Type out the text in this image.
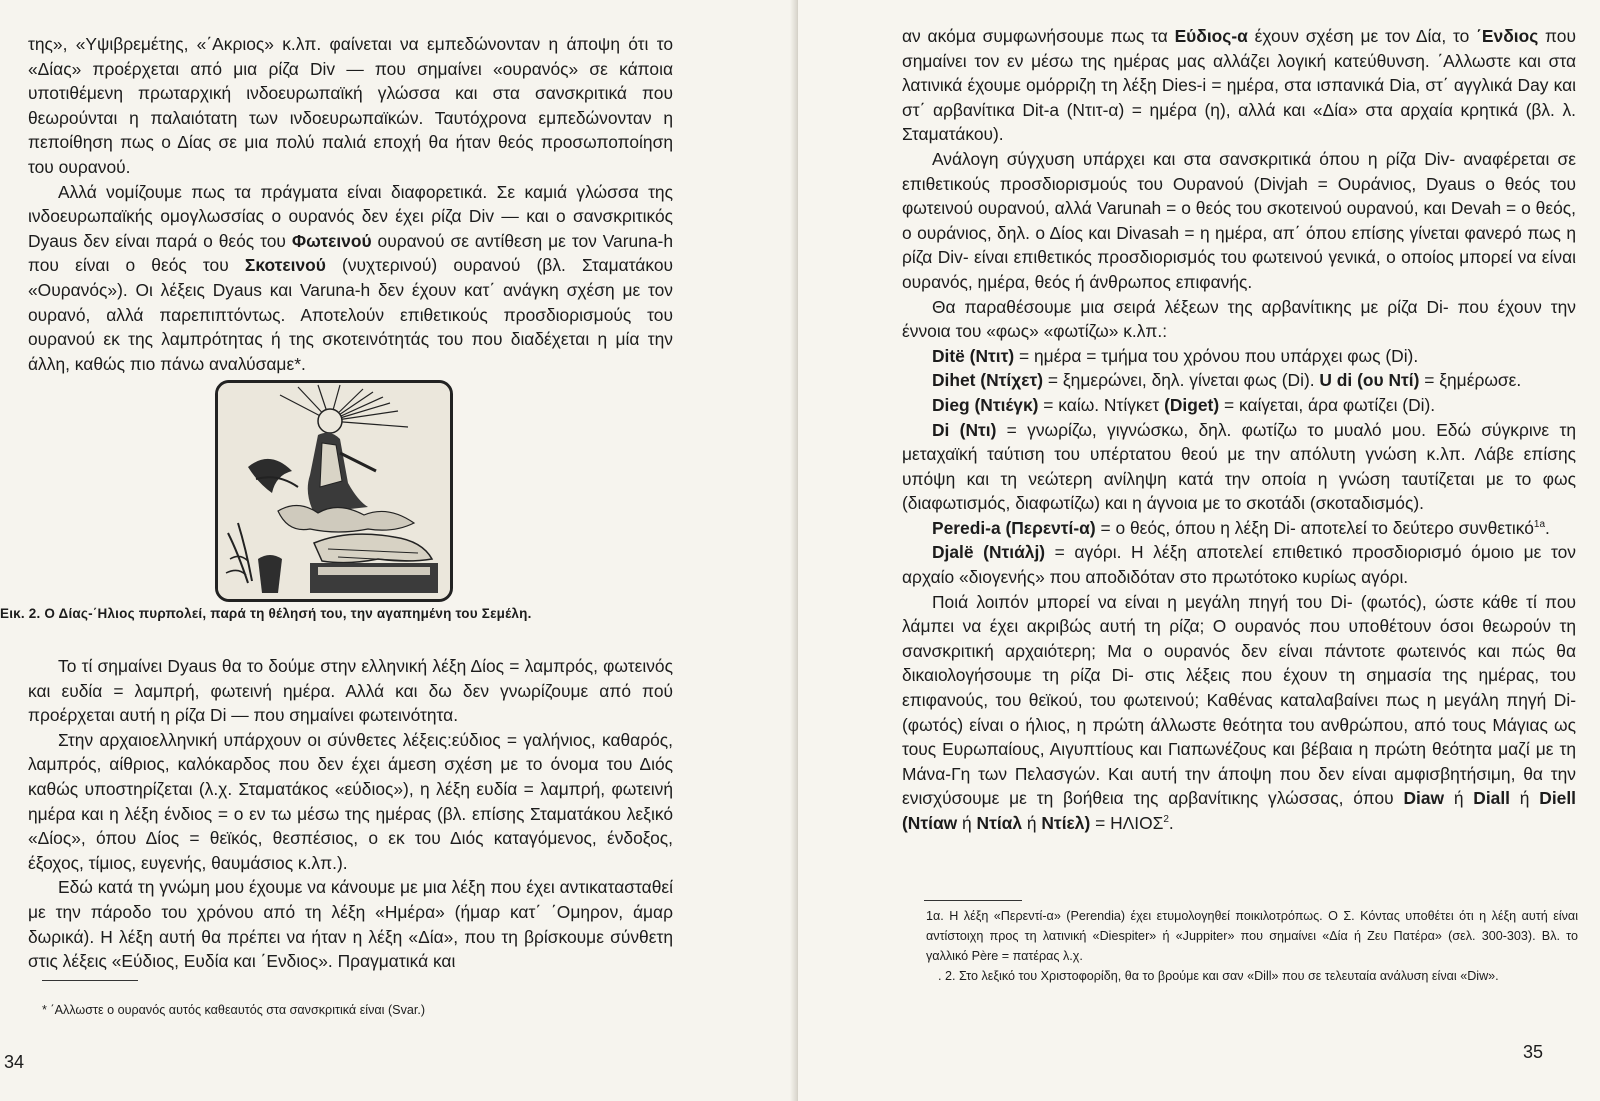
της», «Υψιβρεμέτης, «΄Ακριος» κ.λπ. φαίνεται να εμπεδώνονταν η άποψη ότι το «Δίας» προέρχεται από μια ρίζα Div — που σημαίνει «ουρανός» σε κάποια υποτιθέμενη πρωταρχική ινδοευρωπαϊκή γλώσσα και στα σανσκριτικά που θεωρούνται η παλαιότατη των ινδοευρωπαϊκών. Ταυτόχρονα εμπεδώνονταν η πεποίθηση πως ο Δίας σε μια πολύ παλιά εποχή θα ήταν θεός προσωποποίηση του ουρανού.

Αλλά νομίζουμε πως τα πράγματα είναι διαφορετικά. Σε καμιά γλώσσα της ινδοευρωπαϊκής ομογλωσσίας ο ουρανός δεν έχει ρίζα Div — και ο σανσκριτικός Dyaus δεν είναι παρά ο θεός του Φωτεινού ουρανού σε αντίθεση με τον Varuna-h που είναι ο θεός του Σκοτεινού (νυχτερινού) ουρανού (βλ. Σταματάκου «Ουρανός»). Οι λέξεις Dyaus και Varuna-h δεν έχουν κατ΄ ανάγκη σχέση με τον ουρανό, αλλά παρεπιπτόντως. Αποτελούν επιθετικούς προσδιορισμούς του ουρανού εκ της λαμπρότητας ή της σκοτεινότητάς του που διαδέχεται η μία την άλλη, καθώς πιο πάνω αναλύσαμε*.

Εικ. 2. Ο Δίας-΄Ηλιος πυρπολεί, παρά τη θέλησή του, την αγαπημένη του Σεμέλη.

Το τί σημαίνει Dyaus θα το δούμε στην ελληνική λέξη Δίος = λαμπρός, φωτεινός και ευδία = λαμπρή, φωτεινή ημέρα. Αλλά και δω δεν γνωρίζουμε από πού προέρχεται αυτή η ρίζα Di — που σημαίνει φωτεινότητα.

Στην αρχαιοελληνική υπάρχουν οι σύνθετες λέξεις:εύδιος = γαλήνιος, καθαρός, λαμπρός, αίθριος, καλόκαρδος που δεν έχει άμεση σχέση με το όνομα του Διός καθώς υποστηρίζεται (λ.χ. Σταματάκος «εύδιος»), η λέξη ευδία = λαμπρή, φωτεινή ημέρα και η λέξη ένδιος = ο εν τω μέσω της ημέρας (βλ. επίσης Σταματάκου λεξικό «Δίος», όπου Δίος = θεϊκός, θεσπέσιος, ο εκ του Διός καταγόμενος, ένδοξος, έξοχος, τίμιος, ευγενής, θαυμάσιος κ.λπ.).

Εδώ κατά τη γνώμη μου έχουμε να κάνουμε με μια λέξη που έχει αντικατασταθεί με την πάροδο του χρόνου από τη λέξη «Ημέρα» (ήμαρ κατ΄ ΄Ομηρον, άμαρ δωρικά). Η λέξη αυτή θα πρέπει να ήταν η λέξη «Δία», που τη βρίσκουμε σύνθετη στις λέξεις «Εύδιος, Ευδία και ΄Ενδιος». Πραγματικά και

* ΄Αλλωστε ο ουρανός αυτός καθεαυτός στα σανσκριτικά είναι (Svar.)
34

αν ακόμα συμφωνήσουμε πως τα Εύδιος-α έχουν σχέση με τον Δία, το ΄Ενδιος που σημαίνει τον εν μέσω της ημέρας μας αλλάζει λογική κατεύθυνση. ΄Αλλωστε και στα λατινικά έχουμε ομόρριζη τη λέξη Dies-i = ημέρα, στα ισπανικά Dia, στ΄ αγγλικά Day και στ΄ αρβανίτικα Dit-a (Ντιτ-α) = ημέρα (η), αλλά και «Δία» στα αρχαία κρητικά (βλ. λ. Σταματάκου).

Ανάλογη σύγχυση υπάρχει και στα σανσκριτικά όπου η ρίζα Div- αναφέρεται σε επιθετικούς προσδιορισμούς του Ουρανού (Divjah = Ουράνιος, Dyaus ο θεός του φωτεινού ουρανού, αλλά Varunah = ο θεός του σκοτεινού ουρανού, και Devah = ο θεός, ο ουράνιος, δηλ. ο Δίος και Divasah = η ημέρα, απ΄ όπου επίσης γίνεται φανερό πως η ρίζα Div- είναι επιθετικός προσδιορισμός του φωτεινού γενικά, ο οποίος μπορεί να είναι ουρανός, ημέρα, θεός ή άνθρωπος επιφανής.

Θα παραθέσουμε μια σειρά λέξεων της αρβανίτικης με ρίζα Di- που έχουν την έννοια του «φως» «φωτίζω» κ.λπ.:

Ditë (Ντιτ) = ημέρα = τμήμα του χρόνου που υπάρχει φως (Di).

Dihet (Ντίχετ) = ξημερώνει, δηλ. γίνεται φως (Di). U di (ου Ντί) = ξημέρωσε.

Dieg (Ντιέγκ) = καίω. Ντίγκετ (Diget) = καίγεται, άρα φωτίζει (Di).

Di (Ντι) = γνωρίζω, γιγνώσκω, δηλ. φωτίζω το μυαλό μου. Εδώ σύγκρινε τη μεταχαϊκή ταύτιση του υπέρτατου θεού με την απόλυτη γνώση κ.λπ. Λάβε επίσης υπόψη και τη νεώτερη ανίληψη κατά την οποία η γνώση ταυτίζεται με το φως (διαφωτισμός, διαφωτίζω) και η άγνοια με το σκοτάδι (σκοταδισμός).

Peredi-a (Περεντί-α) = ο θεός, όπου η λέξη Di- αποτελεί το δεύτερο συνθετικό$^{1a}$.

Djalë (Ντιάλj) = αγόρι. Η λέξη αποτελεί επιθετικό προσδιορισμό όμοιο με τον αρχαίο «διογενής» που αποδιδόταν στο πρωτότοκο κυρίως αγόρι.

Ποιά λοιπόν μπορεί να είναι η μεγάλη πηγή του Di- (φωτός), ώστε κάθε τί που λάμπει να έχει ακριβώς αυτή τη ρίζα; Ο ουρανός που υποθέτουν όσοι θεωρούν τη σανσκριτική αρχαιότερη; Μα ο ουρανός δεν είναι πάντοτε φωτεινός και πώς θα δικαιολογήσουμε τη ρίζα Di- στις λέξεις που έχουν τη σημασία της ημέρας, του επιφανούς, του θεϊκού, του φωτεινού; Καθένας καταλαβαίνει πως η μεγάλη πηγή Di- (φωτός) είναι ο ήλιος, η πρώτη άλλωστε θεότητα του ανθρώπου, από τους Μάγιας ως τους Ευρωπαίους, Αιγυπτίους και Γιαπωνέζους και βέβαια η πρώτη θεότητα μαζί με τη Μάνα-Γη των Πελασγών. Και αυτή την άποψη που δεν είναι αμφισβητήσιμη, θα την ενισχύσουμε με τη βοήθεια της αρβανίτικης γλώσσας, όπου Diaw ή Diall ή Diell (Ντίαw ή Ντίαλ ή $N\tau ί\varepsilon\lambda) = H\Lambda IO\Sigma^2$.

1α. Η λέξη «Περεντί-α» (Perendia) έχει ετυμολογηθεί ποικιλοτρόπως. Ο Σ. Κόντας υποθέτει ότι η λέξη αυτή είναι αντίστοιχη προς τη λατινική «Diespiter» ή «Juppiter» που σημαίνει «Δία ή Ζευ Πατέρα» (σελ. 300-303). Βλ. το γαλλικό Père = πατέρας λ.χ.

. 2. Στο λεξικό του Χριστοφορίδη, θα το βρούμε και σαν «Dill» που σε τελευταία ανάλυση είναι «Diw».

35
